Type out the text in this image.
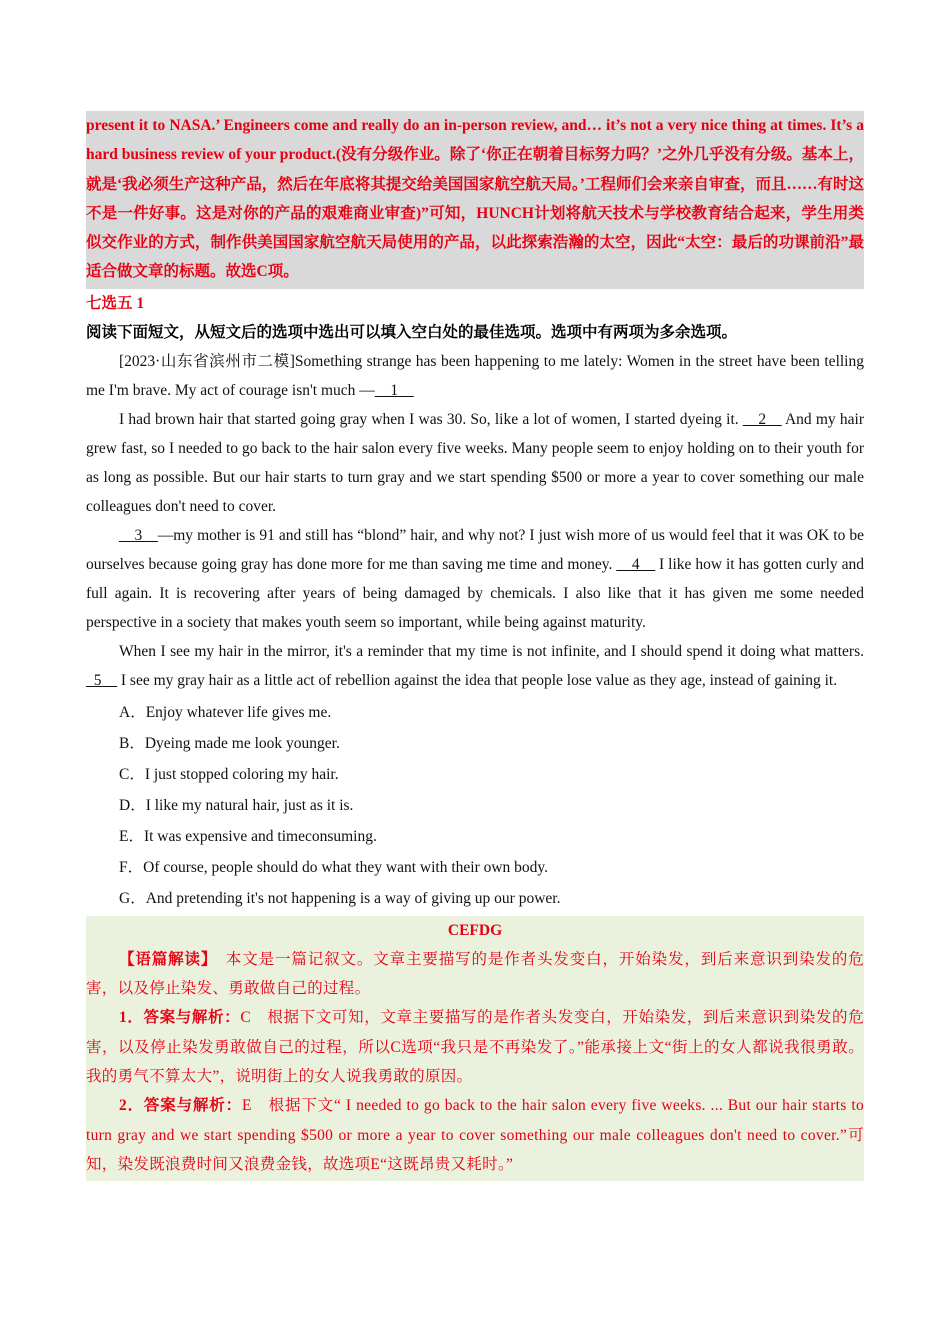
present it to NASA.’ Engineers come and really do an in-person review, and… it’s not a very nice thing at times. It’s a hard business review of your product.(没有分级作业。除了‘你正在朝着目标努力吗？’之外几乎没有分级。基本上，就是‘我必须生产这种产品，然后在年底将其提交给美国国家航空航天局。’工程师们会来亲自审查，而且……有时这不是一件好事。这是对你的产品的艰难商业审查)”可知，HUNCH计划将航天技术与学校教育结合起来，学生用类似交作业的方式，制作供美国国家航空航天局使用的产品，以此探索浩瀚的太空，因此“太空：最后的功课前沿”最适合做文章的标题。故选C项。
七选五 1
阅读下面短文，从短文后的选项中选出可以填入空白处的最佳选项。选项中有两项为多余选项。

[2023·山东省滨州市二模]Something strange has been happening to me lately: Women in the street have been telling me I'm brave. My act of courage isn't much —__1__

I had brown hair that started going gray when I was 30. So, like a lot of women, I started dyeing it. __2__ And my hair grew fast, so I needed to go back to the hair salon every five weeks. Many people seem to enjoy holding on to their youth for as long as possible. But our hair starts to turn gray and we start spending $500 or more a year to cover something our male colleagues don't need to cover.

__3__—my mother is 91 and still has “blond” hair, and why not? I just wish more of us would feel that it was OK to be ourselves because going gray has done more for me than saving me time and money. __4__ I like how it has gotten curly and full again. It is recovering after years of being damaged by chemicals. I also like that it has given me some needed perspective in a society that makes youth seem so important, while being against maturity.

When I see my hair in the mirror, it's a reminder that my time is not infinite, and I should spend it doing what matters. _5__ I see my gray hair as a little act of rebellion against the idea that people lose value as they age, instead of gaining it.

A．Enjoy whatever life gives me.
B．Dyeing made me look younger.
C．I just stopped coloring my hair.
D．I like my natural hair, just as it is.
E．It was expensive and timeconsuming.
F．Of course, people should do what they want with their own body.
G．And pretending it's not happening is a way of giving up our power.
CEFDG

【语篇解读】　 本文是一篇记叙文。文章主要描写的是作者头发变白，开始染发，到后来意识到染发的危害，以及停止染发、勇敢做自己的过程。

1．答案与解析：C　根据下文可知，文章主要描写的是作者头发变白，开始染发，到后来意识到染发的危害，以及停止染发勇敢做自己的过程，所以C选项“我只是不再染发了。”能承接上文“街上的女人都说我很勇敢。我的勇气不算太大”，说明街上的女人说我勇敢的原因。

2．答案与解析：E　根据下文“ I needed to go back to the hair salon every five weeks. ... But our hair starts to turn gray and we start spending $500 or more a year to cover something our male colleagues don't need to cover.”可知，染发既浪费时间又浪费金钱，故选项E“这既昂贵又耗时。”
